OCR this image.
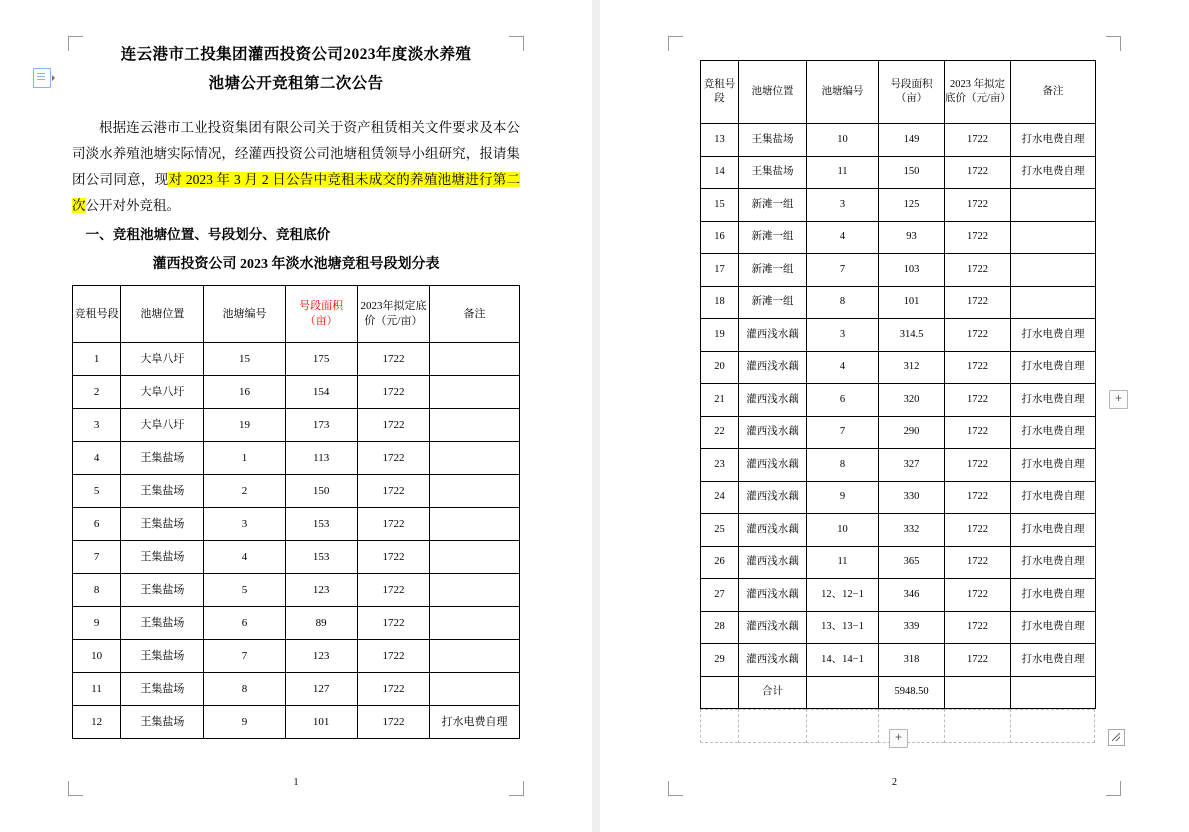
连云港市工投集团灌西投资公司2023年度淡水养殖
池塘公开竞租第二次公告
根据连云港市工业投资集团有限公司关于资产租赁相关文件要求及本公司淡水养殖池塘实际情况，经灌西投资公司池塘租赁领导小组研究，报请集团公司同意，现对 2023 年 3 月 2 日公告中竞租未成交的养殖池塘进行第二次公开对外竞租。
一、竞租池塘位置、号段划分、竞租底价
灌西投资公司 2023 年淡水池塘竞租号段划分表
竞租号段	池塘位置	池塘编号	号段面积（亩）	2023年拟定底价（元/亩）	备注
1	大阜八圩	15	175	1722	
2	大阜八圩	16	154	1722	
3	大阜八圩	19	173	1722	
4	王集盐场	1	113	1722	
5	王集盐场	2	150	1722	
6	王集盐场	3	153	1722	
7	王集盐场	4	153	1722	
8	王集盐场	5	123	1722	
9	王集盐场	6	89	1722	
10	王集盐场	7	123	1722	
11	王集盐场	8	127	1722	
12	王集盐场	9	101	1722	打水电费自理
1
竞租号段	池塘位置	池塘编号	号段面积（亩）	2023 年拟定底价（元/亩）	备注
13	王集盐场	10	149	1722	打水电费自理
14	王集盐场	11	150	1722	打水电费自理
15	新滩一组	3	125	1722	
16	新滩一组	4	93	1722	
17	新滩一组	7	103	1722	
18	新滩一组	8	101	1722	
19	灌西浅水藕	3	314.5	1722	打水电费自理
20	灌西浅水藕	4	312	1722	打水电费自理
21	灌西浅水藕	6	320	1722	打水电费自理
22	灌西浅水藕	7	290	1722	打水电费自理
23	灌西浅水藕	8	327	1722	打水电费自理
24	灌西浅水藕	9	330	1722	打水电费自理
25	灌西浅水藕	10	332	1722	打水电费自理
26	灌西浅水藕	11	365	1722	打水电费自理
27	灌西浅水藕	12、12−1	346	1722	打水电费自理
28	灌西浅水藕	13、13−1	339	1722	打水电费自理
29	灌西浅水藕	14、14−1	318	1722	打水电费自理
	合计		5948.50		
+
2
+
